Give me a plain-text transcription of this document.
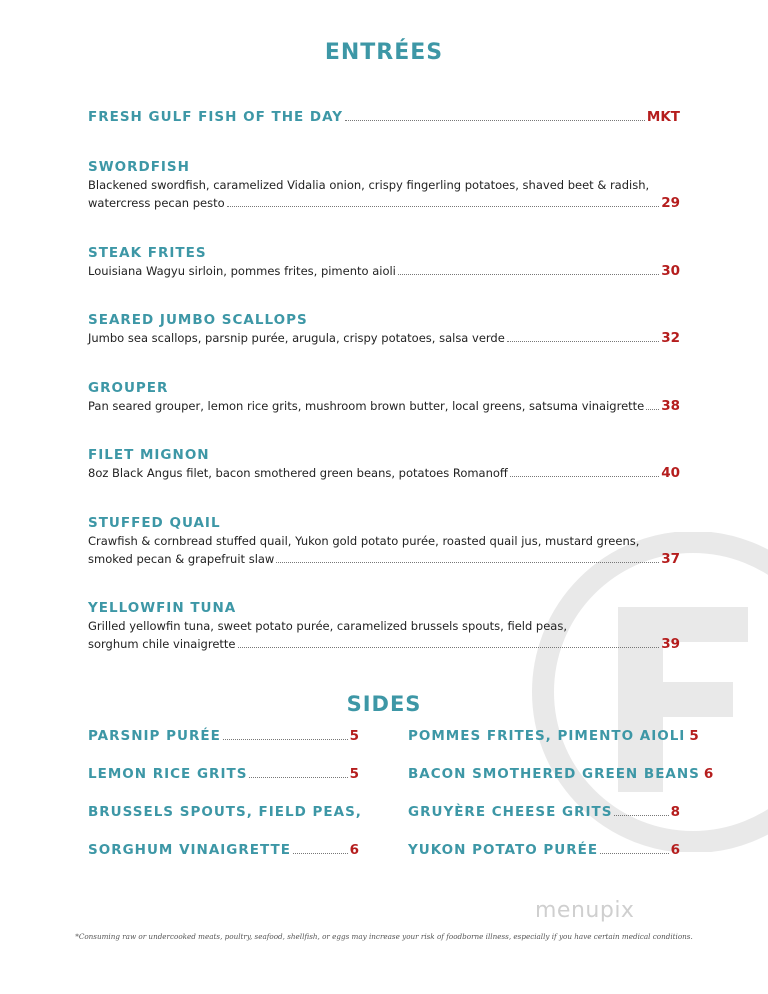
ENTRÉES
FRESH GULF FISH OF THE DAY	MKT
SWORDFISH
Blackened swordfish, caramelized Vidalia onion, crispy fingerling potatoes, shaved beet & radish,
watercress pecan pesto	29
STEAK FRITES
Louisiana Wagyu sirloin, pommes frites, pimento aioli	30
SEARED JUMBO SCALLOPS
Jumbo sea scallops, parsnip purée, arugula, crispy potatoes, salsa verde	32
GROUPER
Pan seared grouper, lemon rice grits, mushroom brown butter, local greens, satsuma vinaigrette 38
FILET MIGNON
8oz Black Angus filet, bacon smothered green beans, potatoes Romanoff	40
STUFFED QUAIL
Crawfish & cornbread stuffed quail, Yukon gold potato purée, roasted quail jus, mustard greens,
smoked pecan & grapefruit slaw	37
YELLOWFIN TUNA
Grilled yellowfin tuna, sweet potato purée, caramelized brussels spouts, field peas,
sorghum chile vinaigrette	39
SIDES
PARSNIP PURÉE	5
LEMON RICE GRITS	5
BRUSSELS SPOUTS, FIELD PEAS,
SORGHUM VINAIGRETTE	6
POMMES FRITES, PIMENTO AIOLI 5
BACON SMOTHERED GREEN BEANS 6
GRUYÈRE CHEESE GRITS	8
YUKON POTATO PURÉE	6
menupix
*Consuming raw or undercooked meats, poultry, seafood, shellfish, or eggs may increase your risk of foodborne illness, especially if you have certain medical conditions.
